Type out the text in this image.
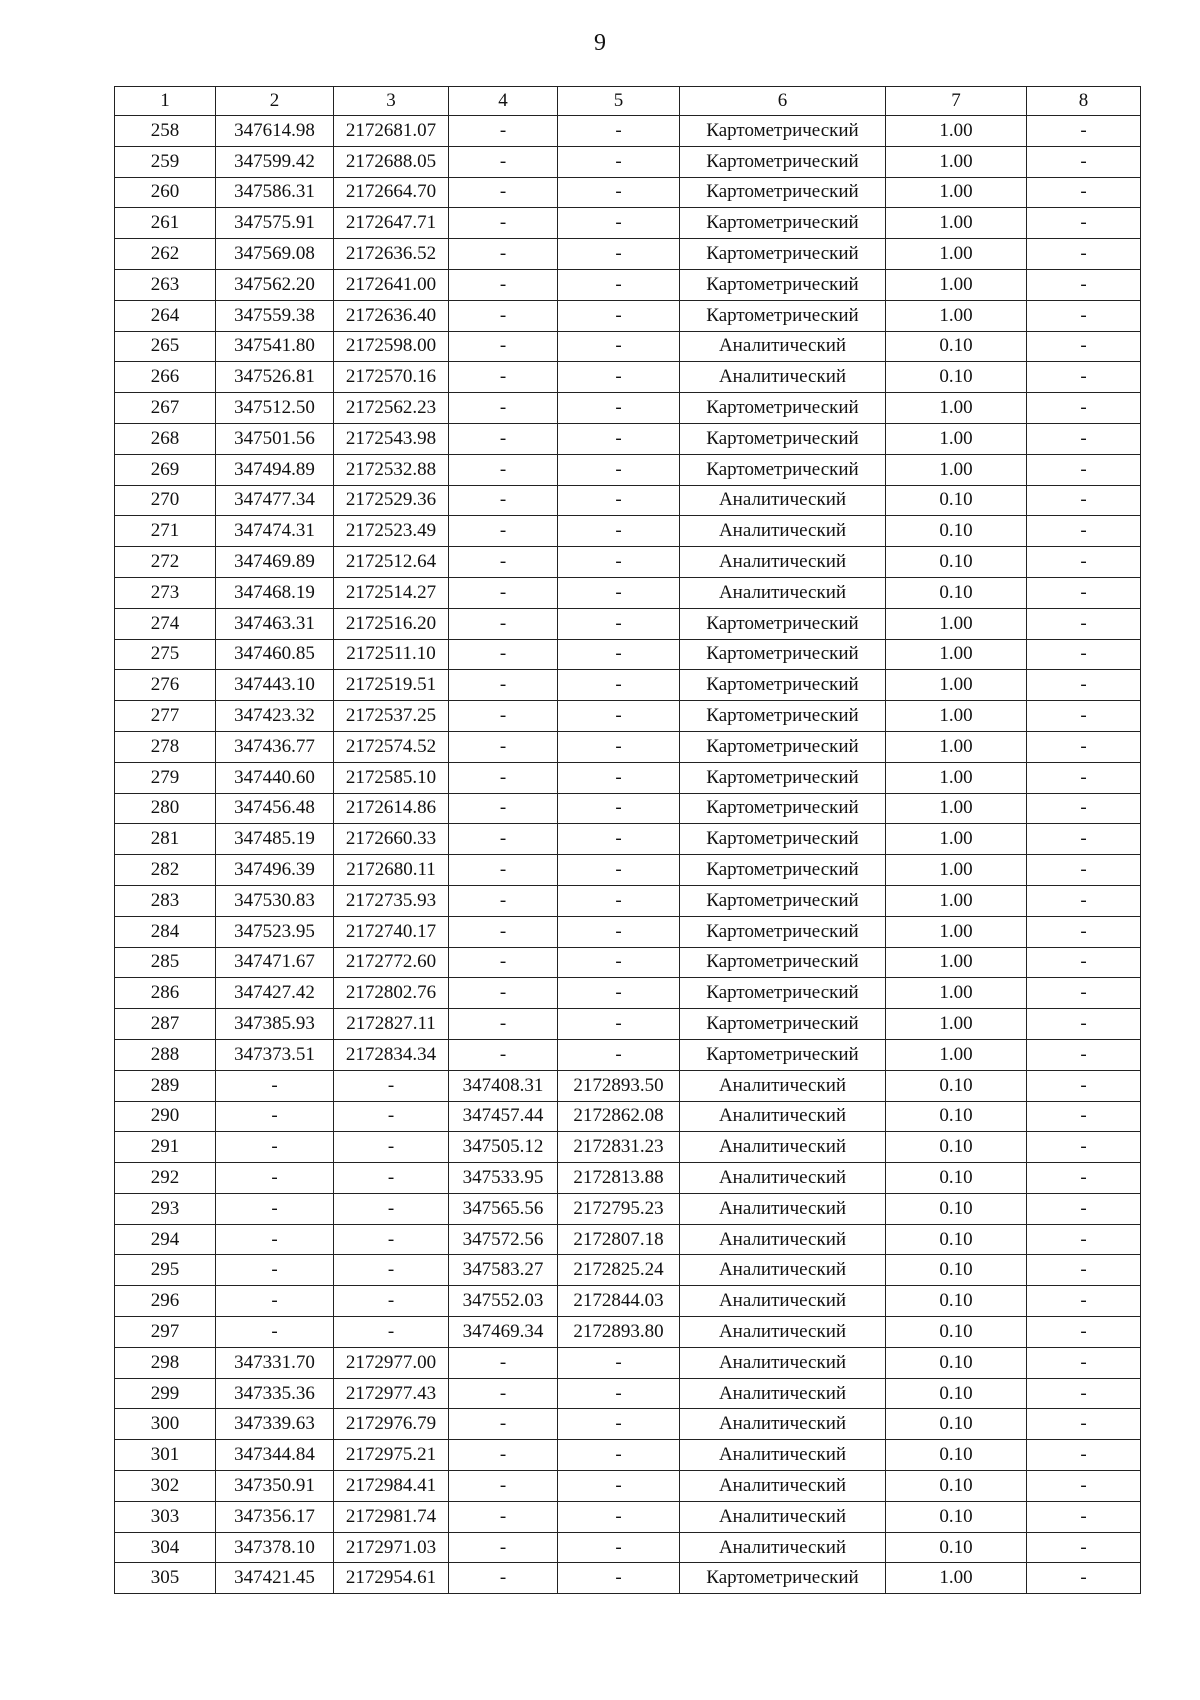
9
1	2	3	4	5	6	7	8
258	347614.98	2172681.07	-	-	Картометрический	1.00	-
259	347599.42	2172688.05	-	-	Картометрический	1.00	-
260	347586.31	2172664.70	-	-	Картометрический	1.00	-
261	347575.91	2172647.71	-	-	Картометрический	1.00	-
262	347569.08	2172636.52	-	-	Картометрический	1.00	-
263	347562.20	2172641.00	-	-	Картометрический	1.00	-
264	347559.38	2172636.40	-	-	Картометрический	1.00	-
265	347541.80	2172598.00	-	-	Аналитический	0.10	-
266	347526.81	2172570.16	-	-	Аналитический	0.10	-
267	347512.50	2172562.23	-	-	Картометрический	1.00	-
268	347501.56	2172543.98	-	-	Картометрический	1.00	-
269	347494.89	2172532.88	-	-	Картометрический	1.00	-
270	347477.34	2172529.36	-	-	Аналитический	0.10	-
271	347474.31	2172523.49	-	-	Аналитический	0.10	-
272	347469.89	2172512.64	-	-	Аналитический	0.10	-
273	347468.19	2172514.27	-	-	Аналитический	0.10	-
274	347463.31	2172516.20	-	-	Картометрический	1.00	-
275	347460.85	2172511.10	-	-	Картометрический	1.00	-
276	347443.10	2172519.51	-	-	Картометрический	1.00	-
277	347423.32	2172537.25	-	-	Картометрический	1.00	-
278	347436.77	2172574.52	-	-	Картометрический	1.00	-
279	347440.60	2172585.10	-	-	Картометрический	1.00	-
280	347456.48	2172614.86	-	-	Картометрический	1.00	-
281	347485.19	2172660.33	-	-	Картометрический	1.00	-
282	347496.39	2172680.11	-	-	Картометрический	1.00	-
283	347530.83	2172735.93	-	-	Картометрический	1.00	-
284	347523.95	2172740.17	-	-	Картометрический	1.00	-
285	347471.67	2172772.60	-	-	Картометрический	1.00	-
286	347427.42	2172802.76	-	-	Картометрический	1.00	-
287	347385.93	2172827.11	-	-	Картометрический	1.00	-
288	347373.51	2172834.34	-	-	Картометрический	1.00	-
289	-	-	347408.31	2172893.50	Аналитический	0.10	-
290	-	-	347457.44	2172862.08	Аналитический	0.10	-
291	-	-	347505.12	2172831.23	Аналитический	0.10	-
292	-	-	347533.95	2172813.88	Аналитический	0.10	-
293	-	-	347565.56	2172795.23	Аналитический	0.10	-
294	-	-	347572.56	2172807.18	Аналитический	0.10	-
295	-	-	347583.27	2172825.24	Аналитический	0.10	-
296	-	-	347552.03	2172844.03	Аналитический	0.10	-
297	-	-	347469.34	2172893.80	Аналитический	0.10	-
298	347331.70	2172977.00	-	-	Аналитический	0.10	-
299	347335.36	2172977.43	-	-	Аналитический	0.10	-
300	347339.63	2172976.79	-	-	Аналитический	0.10	-
301	347344.84	2172975.21	-	-	Аналитический	0.10	-
302	347350.91	2172984.41	-	-	Аналитический	0.10	-
303	347356.17	2172981.74	-	-	Аналитический	0.10	-
304	347378.10	2172971.03	-	-	Аналитический	0.10	-
305	347421.45	2172954.61	-	-	Картометрический	1.00	-
